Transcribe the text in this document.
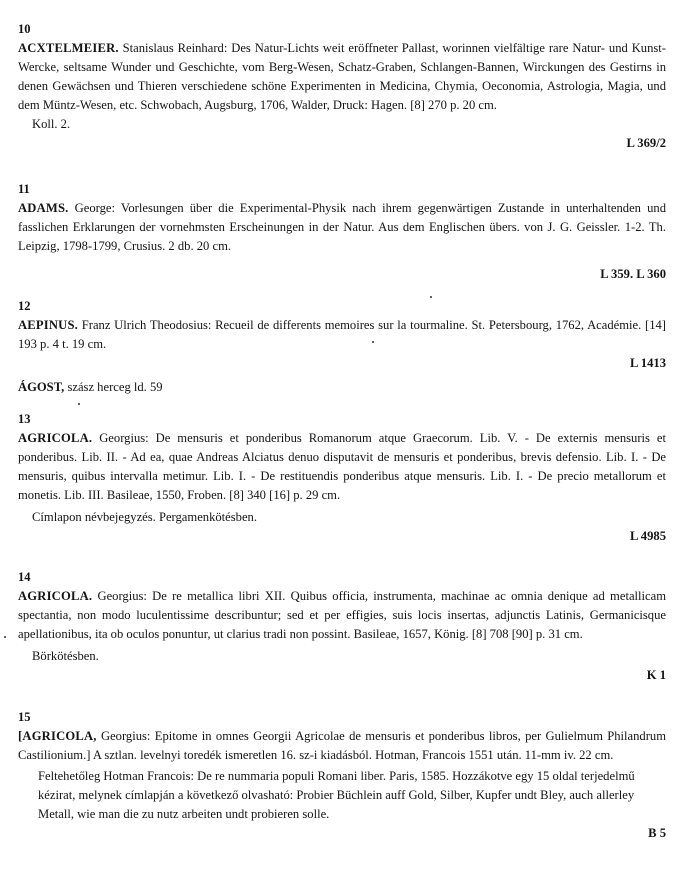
10
ACXTELMEIER. Stanislaus Reinhard: Des Natur-Lichts weit eröffneter Pallast, worinnen vielfältige rare Natur- und Kunst-Wercke, seltsame Wunder und Geschichte, vom Berg-Wesen, Schatz-Graben, Schlangen-Bannen, Wirckungen des Gestirns in denen Gewächsen und Thieren verschiedene schöne Experimenten in Medicina, Chymia, Oeconomia, Astrologia, Magia, und dem Müntz-Wesen, etc. Schwobach, Augsburg, 1706, Walder, Druck: Hagen. [8] 270 p. 20 cm.
Koll. 2.
L 369/2
11
ADAMS. George: Vorlesungen über die Experimental-Physik nach ihrem gegenwärtigen Zustande in unterhaltenden und fasslichen Erklarungen der vornehmsten Erscheinungen in der Natur. Aus dem Englischen übers. von J. G. Geissler. 1-2. Th. Leipzig, 1798-1799, Crusius. 2 db. 20 cm.
L 359. L 360
12
AEPINUS. Franz Ulrich Theodosius: Recueil de differents memoires sur la tourmaline. St. Petersbourg, 1762, Académie. [14] 193 p. 4 t. 19 cm.
L 1413
ÁGOST, szász herceg ld. 59
13
AGRICOLA. Georgius: De mensuris et ponderibus Romanorum atque Graecorum. Lib. V. - De externis mensuris et ponderibus. Lib. II. - Ad ea, quae Andreas Alciatus denuo disputavit de mensuris et ponderibus, brevis defensio. Lib. I. - De mensuris, quibus intervalla metimur. Lib. I. - De restituendis ponderibus atque mensuris. Lib. I. - De precio metallorum et monetis. Lib. III. Basileae, 1550, Froben. [8] 340 [16] p. 29 cm.
Címlapon névbejegyzés. Pergamenkötésben.
L 4985
14
AGRICOLA. Georgius: De re metallica libri XII. Quibus officia, instrumenta, machinae ac omnia denique ad metallicam spectantia, non modo luculentissime describuntur; sed et per effigies, suis locis insertas, adjunctis Latinis, Germanicisque apellationibus, ita ob oculos ponuntur, ut clarius tradi non possint. Basileae, 1657, König. [8] 708 [90] p. 31 cm.
Börkötésben.
K 1
15
[AGRICOLA, Georgius: Epitome in omnes Georgii Agricolae de mensuris et ponderibus libros, per Gulielmum Philandrum Castilionium.] A sztlan. levelnyi toredék ismeretlen 16. sz-i kiadásból. Hotman, Francois 1551 után. 11-mm iv. 22 cm.
Feltehetőleg Hotman Francois: De re nummaria populi Romani liber. Paris, 1585. Hozzákotve egy 15 oldal terjedelmű kézirat, melynek címlapján a következő olvasható: Probier Büchlein auff Gold, Silber, Kupfer undt Bley, auch allerley Metall, wie man die zu nutz arbeiten undt probieren solle.
B 5
